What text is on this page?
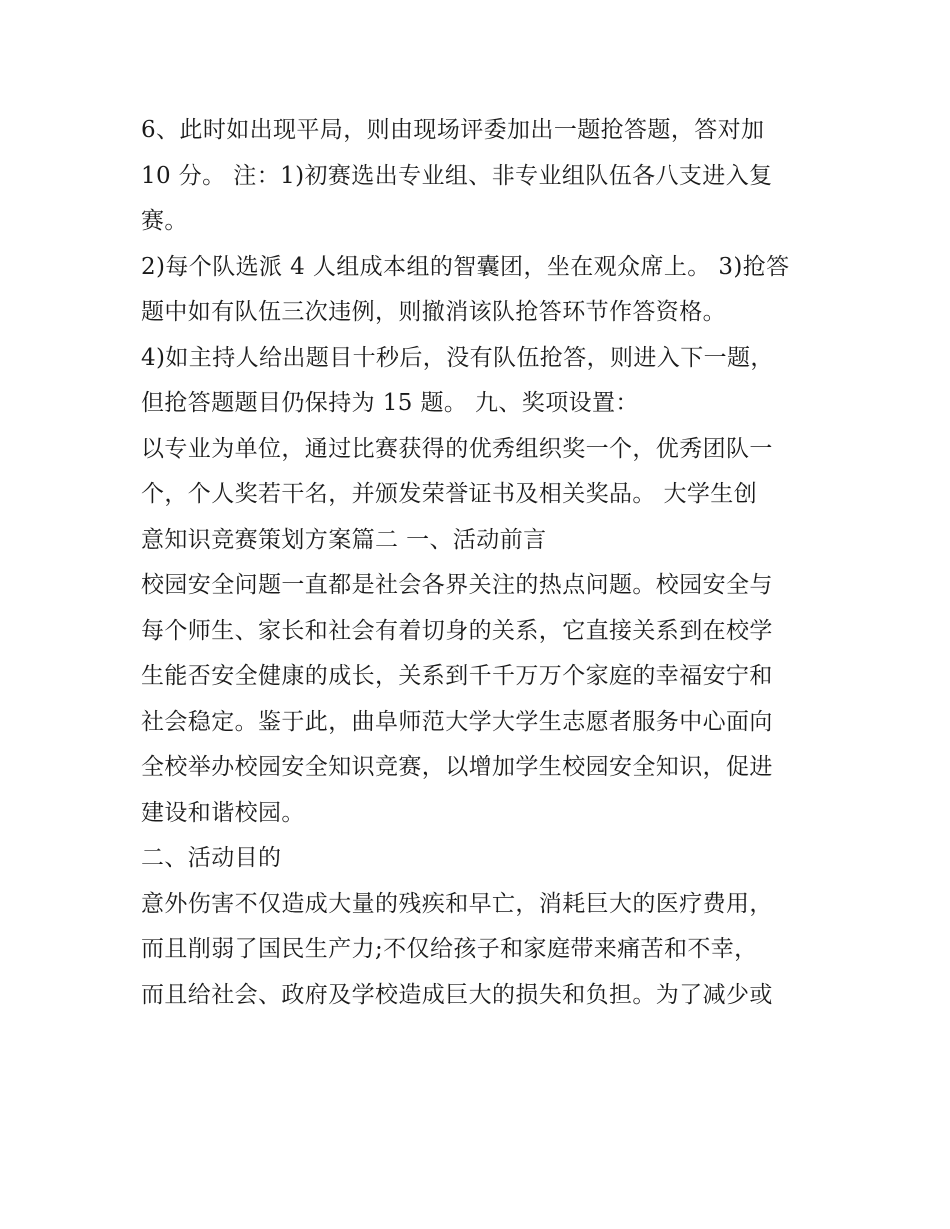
6、此时如出现平局，则由现场评委加出一题抢答题，答对加
10 分。 注：1)初赛选出专业组、非专业组队伍各八支进入复
赛。
2)每个队选派 4 人组成本组的智囊团，坐在观众席上。 3)抢答
题中如有队伍三次违例，则撤消该队抢答环节作答资格。
4)如主持人给出题目十秒后，没有队伍抢答，则进入下一题，
但抢答题题目仍保持为 15 题。 九、奖项设置：
以专业为单位，通过比赛获得的优秀组织奖一个，优秀团队一
个，个人奖若干名，并颁发荣誉证书及相关奖品。 大学生创
意知识竞赛策划方案篇二 一、活动前言
校园安全问题一直都是社会各界关注的热点问题。校园安全与
每个师生、家长和社会有着切身的关系，它直接关系到在校学
生能否安全健康的成长，关系到千千万万个家庭的幸福安宁和
社会稳定。鉴于此，曲阜师范大学大学生志愿者服务中心面向
全校举办校园安全知识竞赛，以增加学生校园安全知识，促进
建设和谐校园。
二、活动目的
意外伤害不仅造成大量的残疾和早亡，消耗巨大的医疗费用，
而且削弱了国民生产力;不仅给孩子和家庭带来痛苦和不幸，
而且给社会、政府及学校造成巨大的损失和负担。为了减少或
